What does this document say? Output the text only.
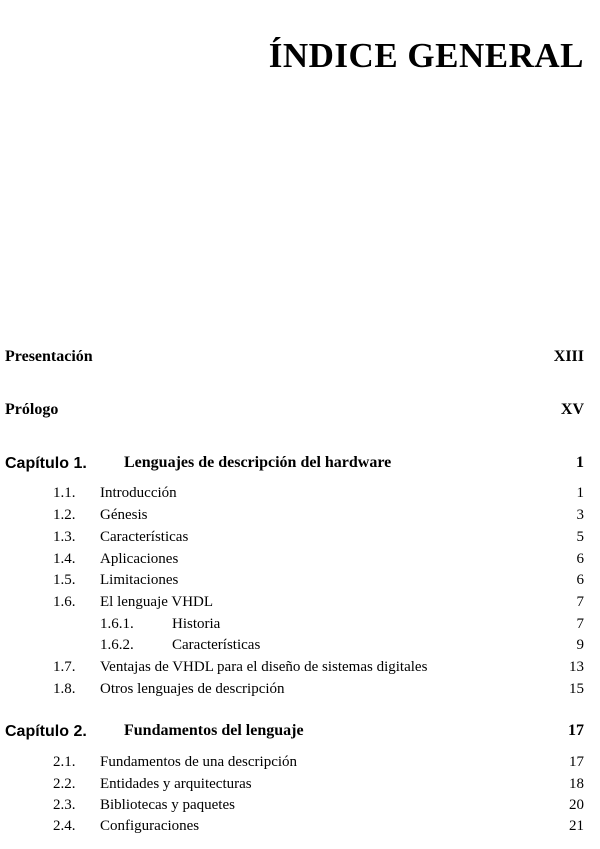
ÍNDICE GENERAL
Presentación	XIII
Prólogo	XV
Capítulo 1. Lenguajes de descripción del hardware	1
1.1. Introducción	1
1.2. Génesis	3
1.3. Características	5
1.4. Aplicaciones	6
1.5. Limitaciones	6
1.6. El lenguaje VHDL	7
1.6.1.	Historia	7
1.6.2.	Características	9
1.7. Ventajas de VHDL para el diseño de sistemas digitales	13
1.8. Otros lenguajes de descripción	15
Capítulo 2. Fundamentos del lenguaje	17
2.1. Fundamentos de una descripción	17
2.2. Entidades y arquitecturas	18
2.3. Bibliotecas y paquetes	20
2.4. Configuraciones	21
